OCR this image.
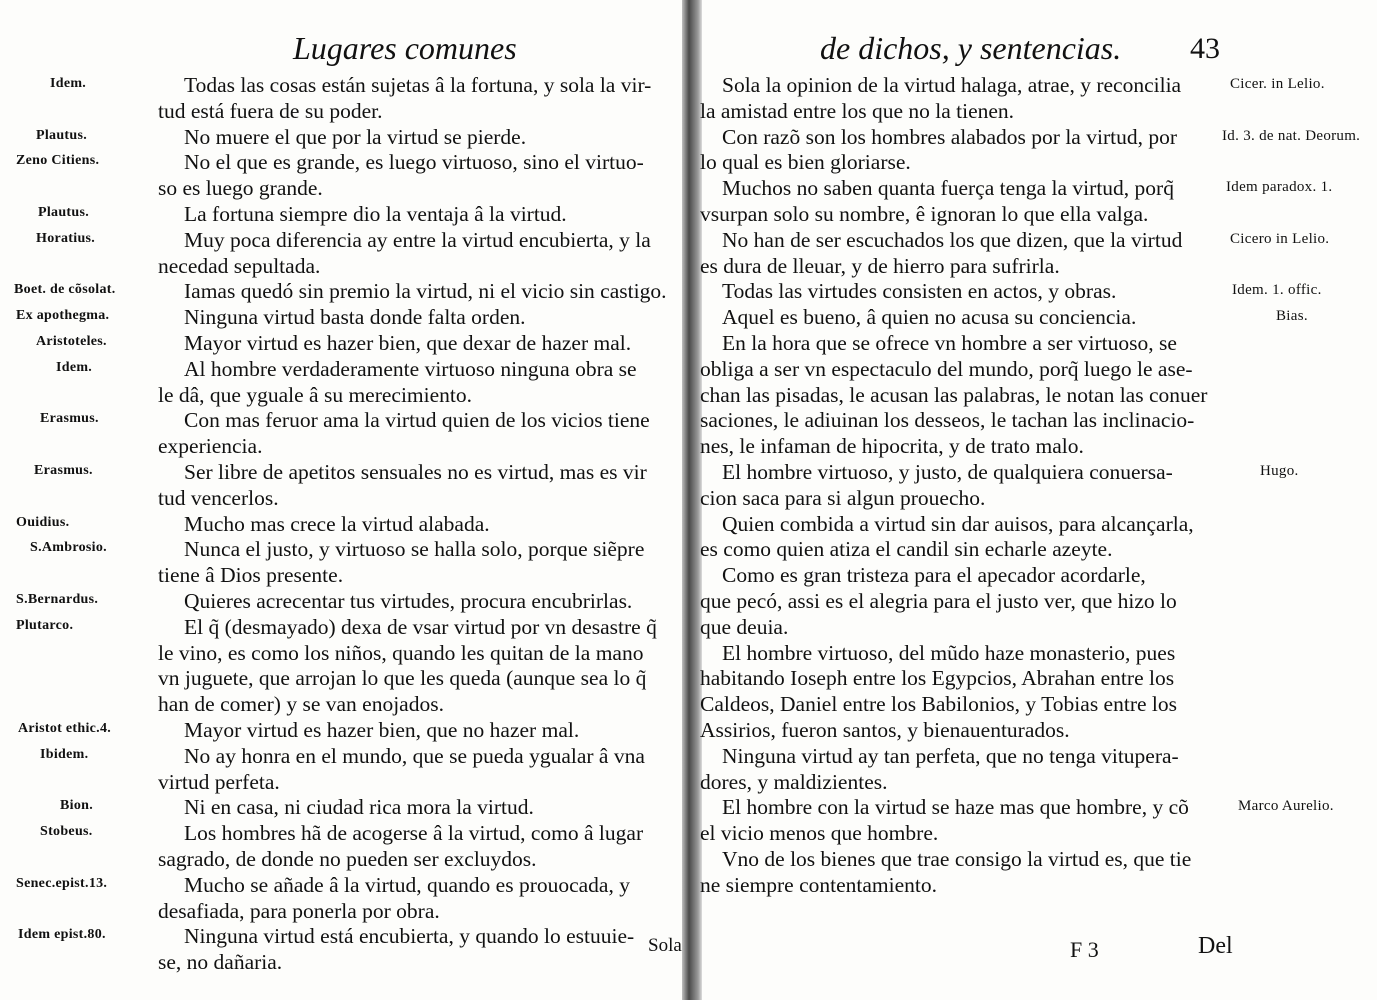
Lugares comunes
Idem.
Plautus.
Zeno Citiens.
Plautus.
Horatius.
Boet. de cõsolat.
Ex apothegma.
Aristoteles.
Idem.
Erasmus.
Erasmus.
Ouidius.
S.Ambrosio.
S.Bernardus.
Plutarco.
Aristot ethic.4.
Ibidem.
Bion.
Stobeus.
Senec.epist.13.
Idem epist.80.
Todas las cosas están sujetas â la fortuna, y sola la vir-
tud está fuera de su poder.
No muere el que por la virtud se pierde.
No el que es grande, es luego virtuoso, sino el virtuo-
so es luego grande.
La fortuna siempre dio la ventaja â la virtud.
Muy poca diferencia ay entre la virtud encubierta, y la
necedad sepultada.
Iamas quedó sin premio la virtud, ni el vicio sin castigo.
Ninguna virtud basta donde falta orden.
Mayor virtud es hazer bien, que dexar de hazer mal.
Al hombre verdaderamente virtuoso ninguna obra se
le dâ, que yguale â su merecimiento.
Con mas feruor ama la virtud quien de los vicios tiene
experiencia.
Ser libre de apetitos sensuales no es virtud, mas es vir
tud vencerlos.
Mucho mas crece la virtud alabada.
Nunca el justo, y virtuoso se halla solo, porque siẽpre
tiene â Dios presente.
Quieres acrecentar tus virtudes, procura encubrirlas.
El q̃ (desmayado) dexa de vsar virtud por vn desastre q̃
le vino, es como los niños, quando les quitan de la mano
vn juguete, que arrojan lo que les queda (aunque sea lo q̃
han de comer) y se van enojados.
Mayor virtud es hazer bien, que no hazer mal.
No ay honra en el mundo, que se pueda ygualar â vna
virtud perfeta.
Ni en casa, ni ciudad rica mora la virtud.
Los hombres hã de acogerse â la virtud, como â lugar
sagrado, de donde no pueden ser excluydos.
Mucho se añade â la virtud, quando es prouocada, y
desafiada, para ponerla por obra.
Ninguna virtud está encubierta, y quando lo estuuie-
se, no dañaria.
Sola
de dichos, y sentencias. 43
Cicer. in Lelio.
Id. 3. de nat. Deorum.
Idem paradox. 1.
Cicero in Lelio.
Idem. 1. offic.
Bias.
Hugo.
Marco Aurelio.
Sola la opinion de la virtud halaga, atrae, y reconcilia
la amistad entre los que no la tienen.
Con razõ son los hombres alabados por la virtud, por
lo qual es bien gloriarse.
Muchos no saben quanta fuerça tenga la virtud, porq̃
vsurpan solo su nombre, ê ignoran lo que ella valga.
No han de ser escuchados los que dizen, que la virtud
es dura de lleuar, y de hierro para sufrirla.
Todas las virtudes consisten en actos, y obras.
Aquel es bueno, â quien no acusa su conciencia.
En la hora que se ofrece vn hombre a ser virtuoso, se
obliga a ser vn espectaculo del mundo, porq̃ luego le ase-
chan las pisadas, le acusan las palabras, le notan las conuer
saciones, le adiuinan los desseos, le tachan las inclinacio-
nes, le infaman de hipocrita, y de trato malo.
El hombre virtuoso, y justo, de qualquiera conuersa-
cion saca para si algun prouecho.
Quien combida a virtud sin dar auisos, para alcançarla,
es como quien atiza el candil sin echarle azeyte.
Como es gran tristeza para el apecador acordarle,
que pecó, assi es el alegria para el justo ver, que hizo lo
que deuia.
El hombre virtuoso, del mũdo haze monasterio, pues
habitando Ioseph entre los Egypcios, Abrahan entre los
Caldeos, Daniel entre los Babilonios, y Tobias entre los
Assirios, fueron santos, y bienauenturados.
Ninguna virtud ay tan perfeta, que no tenga vitupera-
dores, y maldizientes.
El hombre con la virtud se haze mas que hombre, y cõ
el vicio menos que hombre.
Vno de los bienes que trae consigo la virtud es, que tie
ne siempre contentamiento.
F 3	Del
